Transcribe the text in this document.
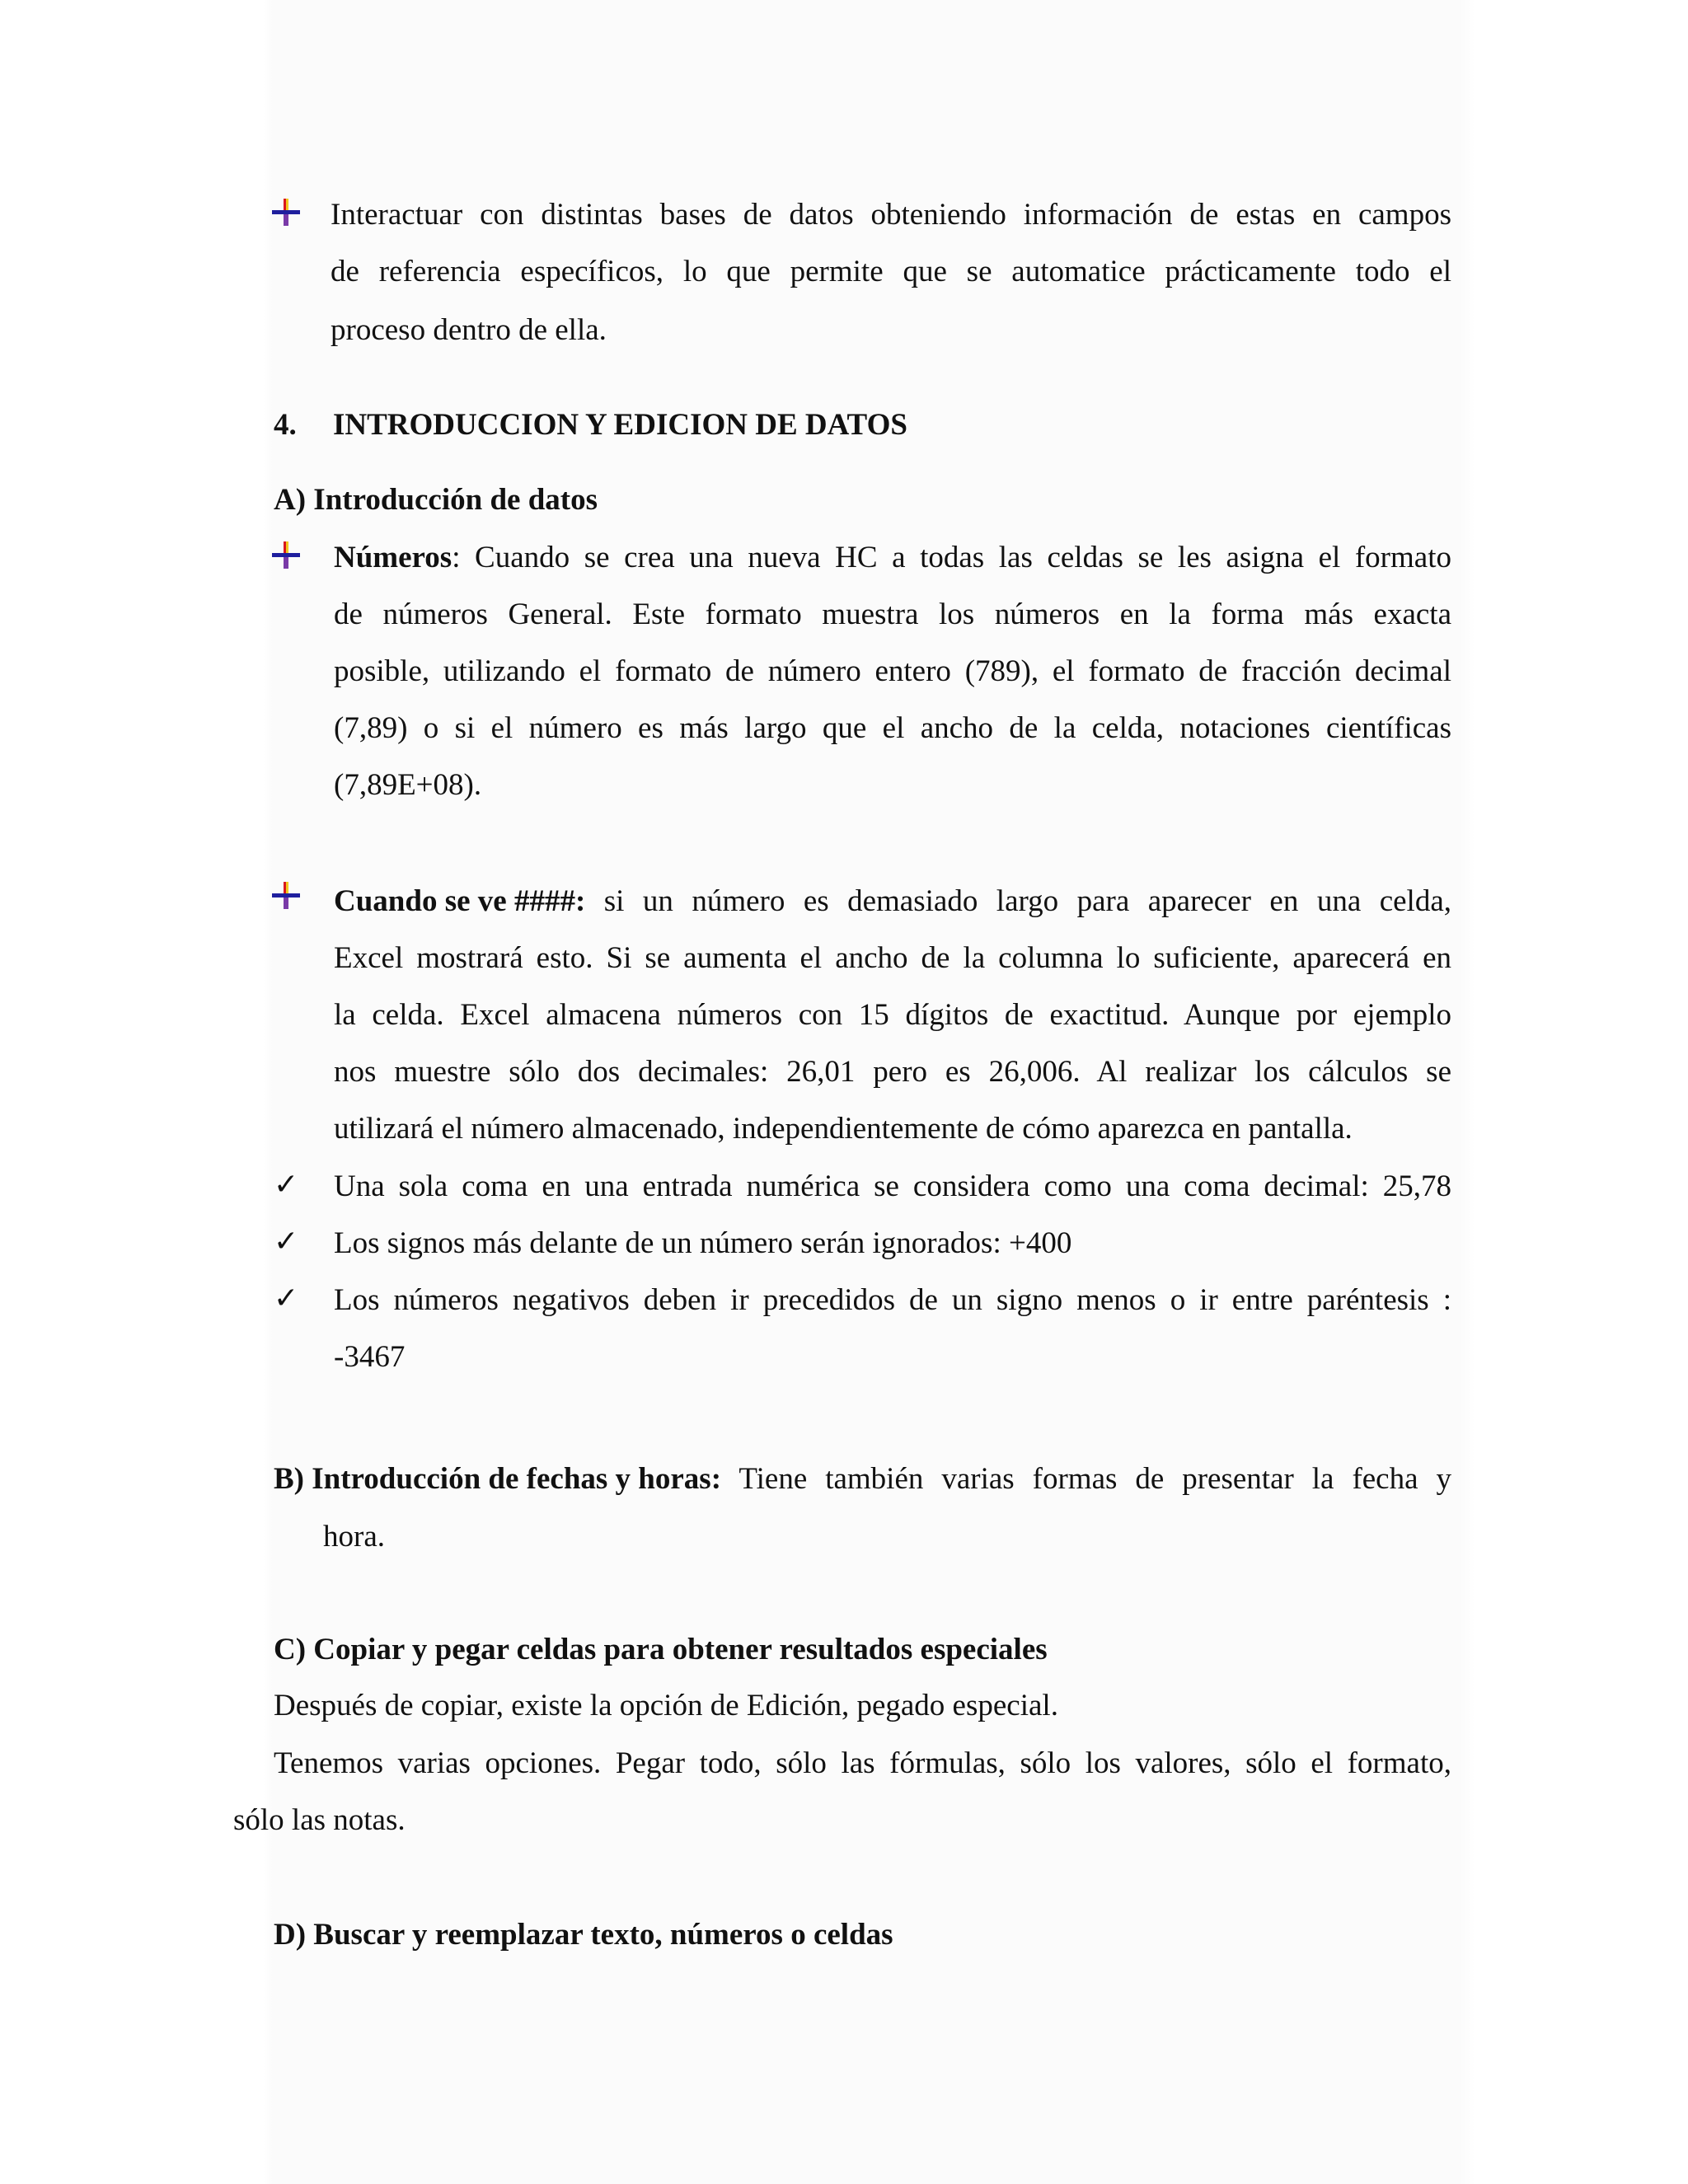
Interactuar con distintas bases de datos obteniendo información de estas en campos
de referencia específicos, lo que permite que se automatice prácticamente todo el
proceso dentro de ella.
4. INTRODUCCION Y EDICION DE DATOS
A) Introducción de datos
Números : Cuando se crea una nueva HC a todas las celdas se les asigna el formato
de números General. Este formato muestra los números en la forma más exacta
posible, utilizando el formato de número entero (789), el formato de fracción decimal
(7,89) o si el número es más largo que el ancho de la celda, notaciones científicas
(7,89E+08).
Cuando se ve ####: si un número es demasiado largo para aparecer en una celda,
Excel mostrará esto. Si se aumenta el ancho de la columna lo suficiente, aparecerá en
la celda. Excel almacena números con 15 dígitos de exactitud. Aunque por ejemplo
nos muestre sólo dos decimales: 26,01 pero es 26,006. Al realizar los cálculos se
utilizará el número almacenado, independientemente de cómo aparezca en pantalla.
✓ Una sola coma en una entrada numérica se considera como una coma decimal: 25,78
✓ Los signos más delante de un número serán ignorados: +400
✓ Los números negativos deben ir precedidos de un signo menos o ir entre paréntesis :
-3467
B) Introducción de fechas y horas: Tiene también varias formas de presentar la fecha y
hora.
C) Copiar y pegar celdas para obtener resultados especiales
Después de copiar, existe la opción de Edición, pegado especial.
Tenemos varias opciones. Pegar todo, sólo las fórmulas, sólo los valores, sólo el formato,
sólo las notas.
D) Buscar y reemplazar texto, números o celdas
